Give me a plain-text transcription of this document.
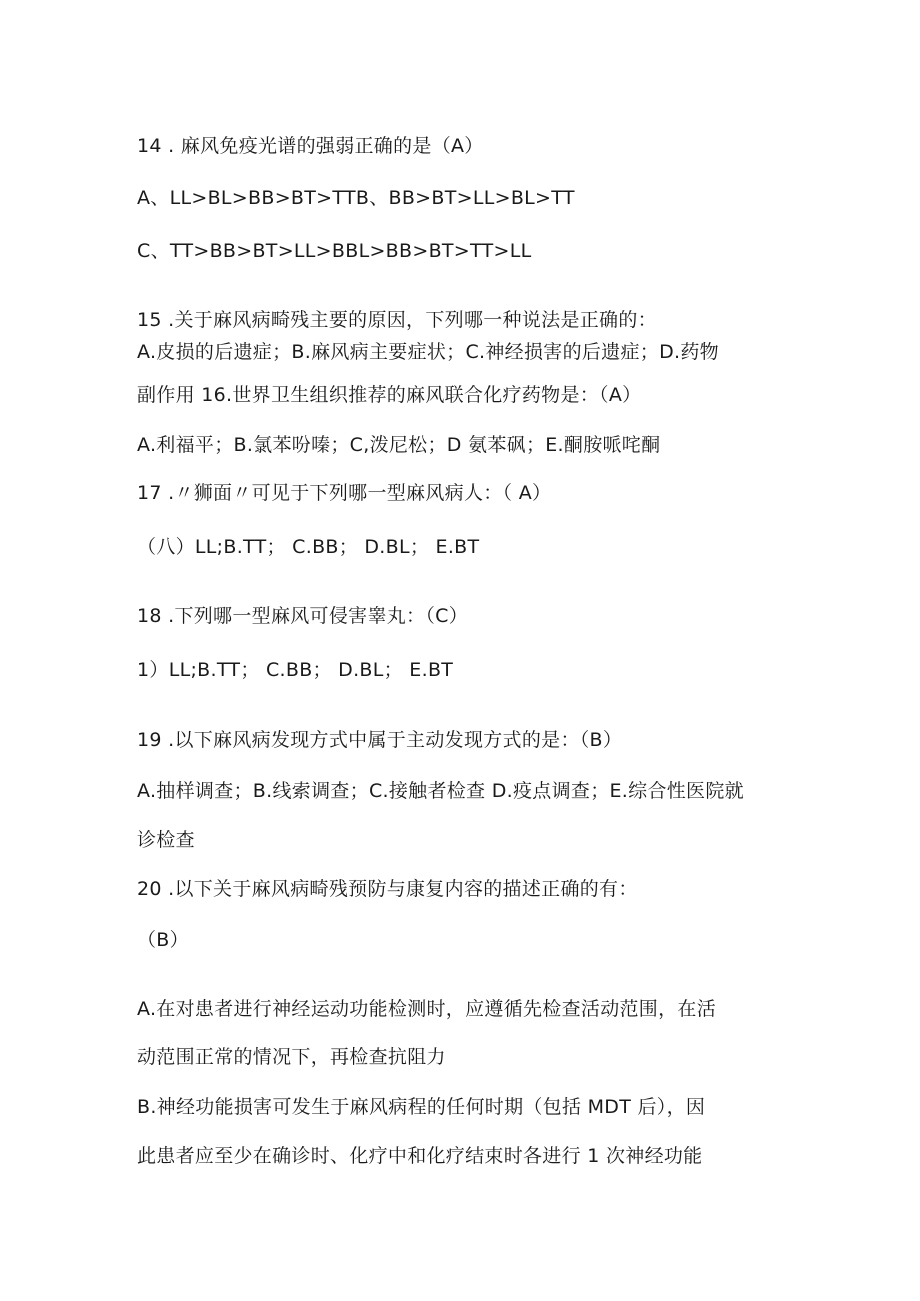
14 . 麻风免疫光谱的强弱正确的是（A）

A、LL>BL>BB>BT>TTB、BB>BT>LL>BL>TT

C、TT>BB>BT>LL>BBL>BB>BT>TT>LL

15 .关于麻风病畸残主要的原因，下列哪一种说法是正确的：

A.皮损的后遗症；B.麻风病主要症状；C.神经损害的后遗症；D.药物

副作用 16.世界卫生组织推荐的麻风联合化疗药物是：（A）

A.利福平；B.氯苯吩嗪；C,泼尼松；D 氨苯砜；E.酮胺哌咤酮

17 .〃狮面〃可见于下列哪一型麻风病人：（ A）

（八）LL;B.TT； C.BB； D.BL； E.BT

18 .下列哪一型麻风可侵害睾丸：（C）

1）LL;B.TT； C.BB； D.BL； E.BT

19 .以下麻风病发现方式中属于主动发现方式的是：（B）

A.抽样调查；B.线索调查；C.接触者检查 D.疫点调查；E.综合性医院就

诊检查

20 .以下关于麻风病畸残预防与康复内容的描述正确的有：

（B）

A.在对患者进行神经运动功能检测时，应遵循先检查活动范围，在活

动范围正常的情况下，再检查抗阻力

B.神经功能损害可发生于麻风病程的任何时期（包括 MDT 后），因

此患者应至少在确诊时、化疗中和化疗结束时各进行 1 次神经功能
